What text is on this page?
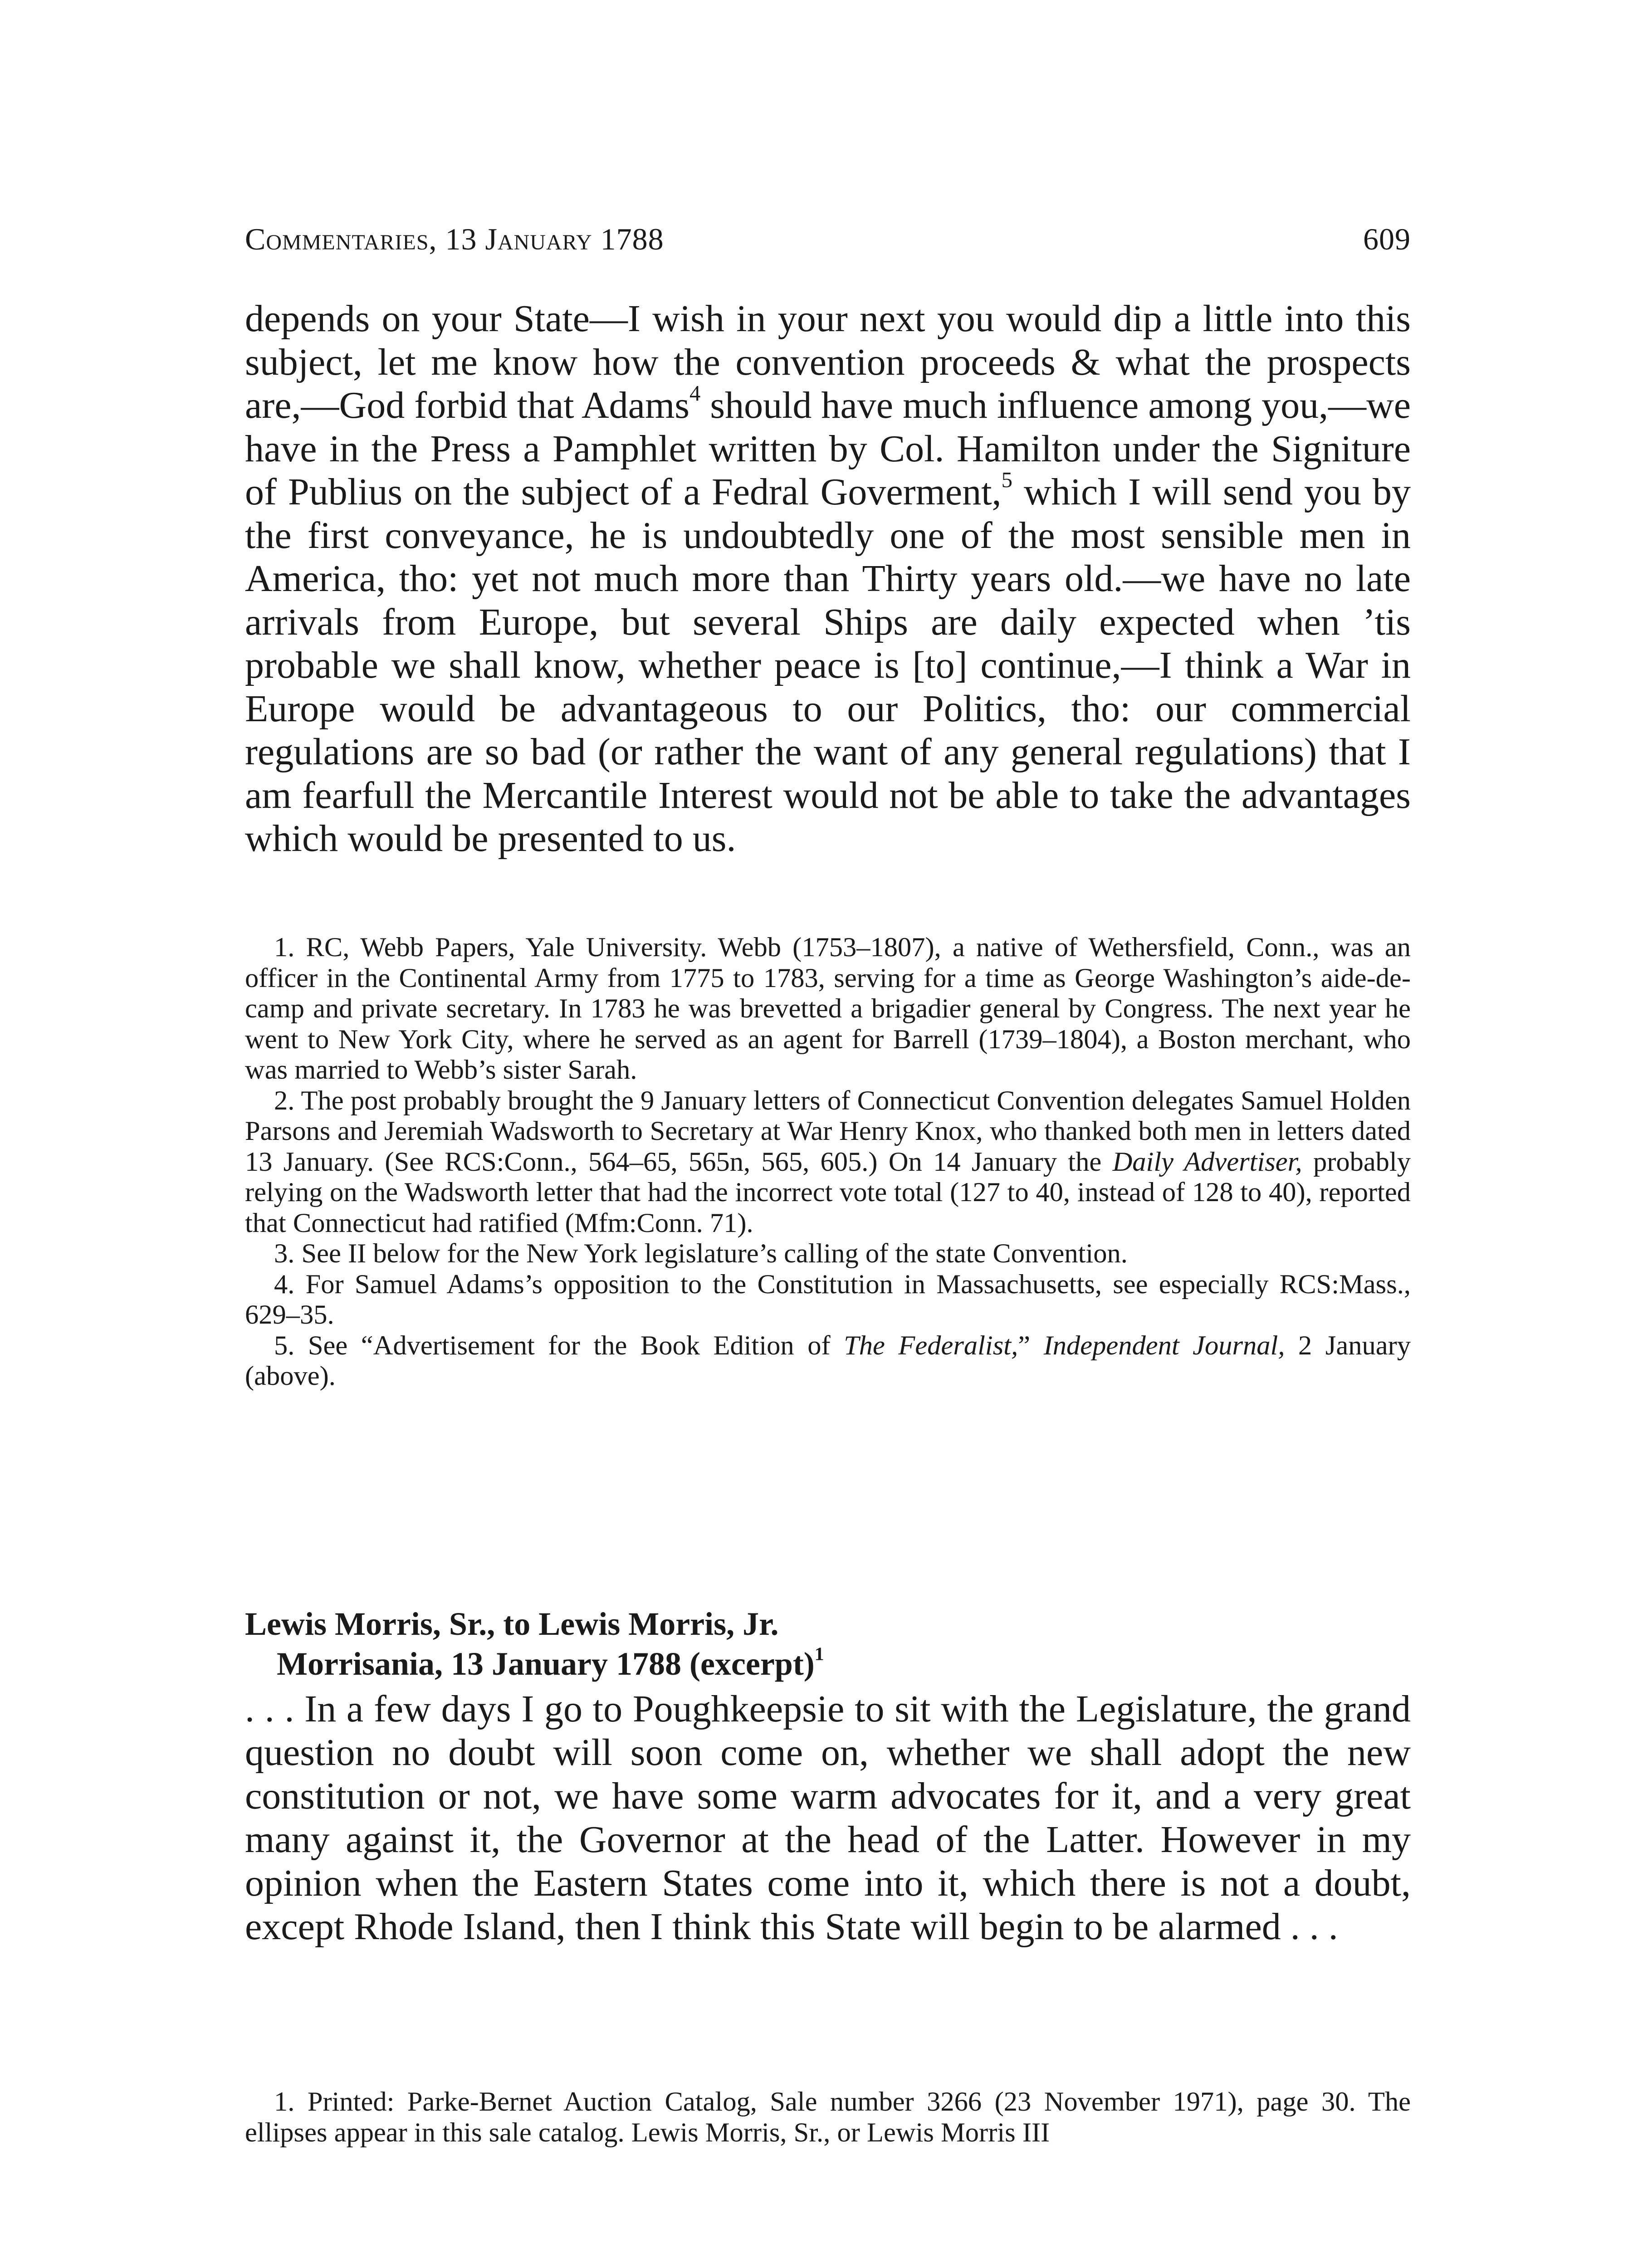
Commentaries, 13 January 1788	609

depends on your State—I wish in your next you would dip a little into this subject, let me know how the convention proceeds & what the prospects are,—God forbid that Adams$^4$ should have much influence among you,—we have in the Press a Pamphlet written by Col. Hamilton under the Signiture of Publius on the subject of a Fedral Goverment,$^5$ which I will send you by the first conveyance, he is undoubtedly one of the most sensible men in America, tho: yet not much more than Thirty years old.—we have no late arrivals from Europe, but several Ships are daily expected when ’tis probable we shall know, whether peace is [to] continue,—I think a War in Europe would be advantageous to our Politics, tho: our commercial regulations are so bad (or rather the want of any general regulations) that I am fearfull the Mercantile Interest would not be able to take the advantages which would be presented to us.

1. RC, Webb Papers, Yale University. Webb (1753–1807), a native of Wethersfield, Conn., was an officer in the Continental Army from 1775 to 1783, serving for a time as George Washington’s aide-de-camp and private secretary. In 1783 he was brevetted a brigadier general by Congress. The next year he went to New York City, where he served as an agent for Barrell (1739–1804), a Boston merchant, who was married to Webb’s sister Sarah.

2. The post probably brought the 9 January letters of Connecticut Convention delegates Samuel Holden Parsons and Jeremiah Wadsworth to Secretary at War Henry Knox, who thanked both men in letters dated 13 January. (See RCS:Conn., 564–65, 565n, 565, 605.) On 14 January the Daily Advertiser, probably relying on the Wadsworth letter that had the incorrect vote total (127 to 40, instead of 128 to 40), reported that Connecticut had ratified (Mfm:Conn. 71).

3. See II below for the New York legislature’s calling of the state Convention.

4. For Samuel Adams’s opposition to the Constitution in Massachusetts, see especially RCS:Mass., 629–35.

5. See “Advertisement for the Book Edition of The Federalist,” Independent Journal, 2 January (above).

Lewis Morris, Sr., to Lewis Morris, Jr.
Morrisania, 13 January 1788 (excerpt)$^1$

. . . In a few days I go to Poughkeepsie to sit with the Legislature, the grand question no doubt will soon come on, whether we shall adopt the new constitution or not, we have some warm advocates for it, and a very great many against it, the Governor at the head of the Latter. However in my opinion when the Eastern States come into it, which there is not a doubt, except Rhode Island, then I think this State will begin to be alarmed . . .

1. Printed: Parke-Bernet Auction Catalog, Sale number 3266 (23 November 1971), page 30. The ellipses appear in this sale catalog. Lewis Morris, Sr., or Lewis Morris III
